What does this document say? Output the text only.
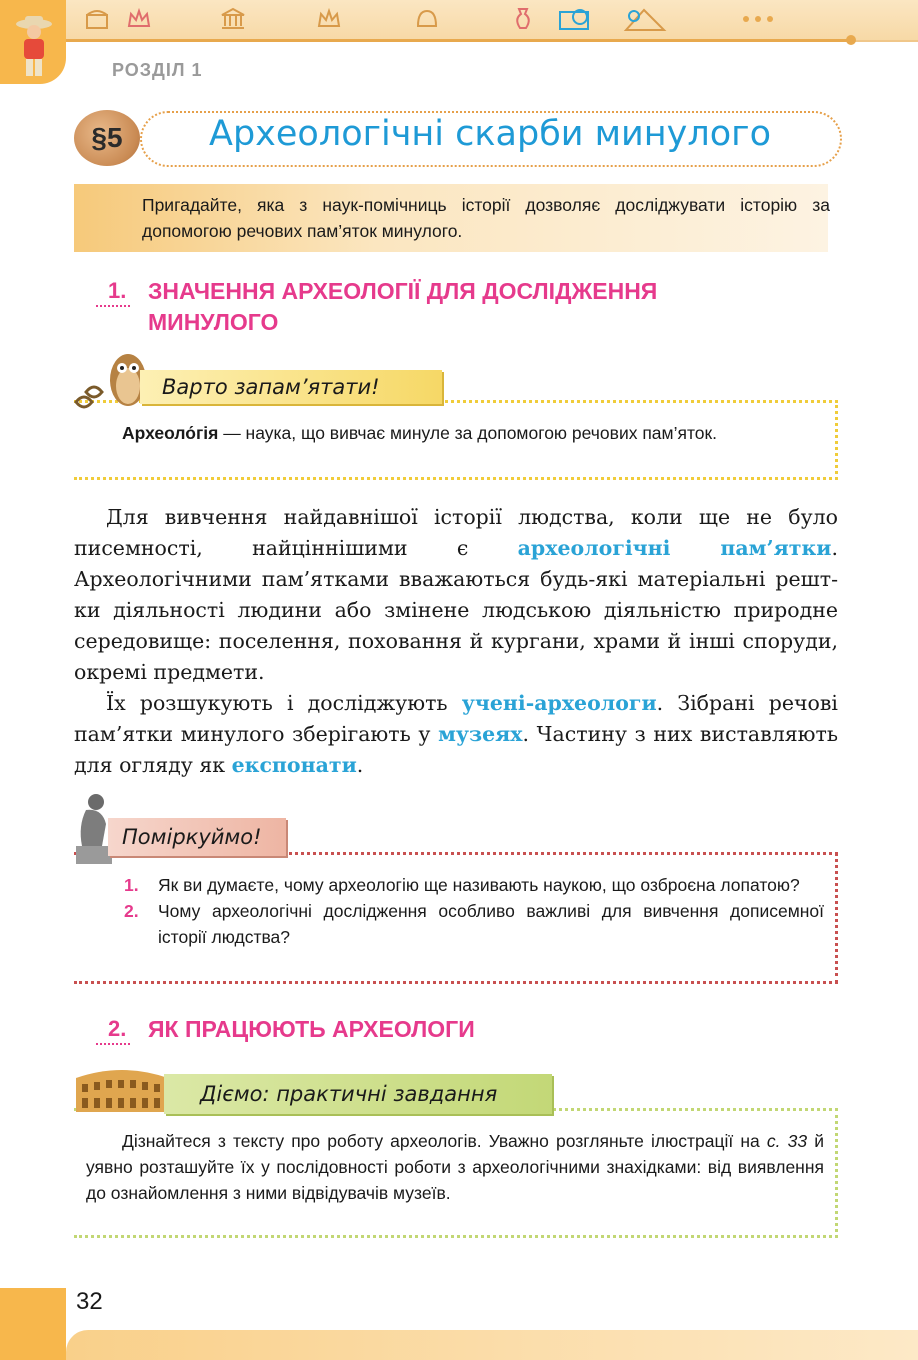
РОЗДІЛ 1
§5	Археологічні скарби минулого
Пригадайте, яка з наук-помічниць історії дозволяє досліджувати історію за допомогою речових пам’яток минулого.
1. ЗНАЧЕННЯ АРХЕОЛОГІЇ ДЛЯ ДОСЛІДЖЕННЯ
МИНУЛОГО
Варто запам’ятати!
Археоло́гія — наука, що вивчає минуле за допомогою речових пам’яток.

Для вивчення найдавнішої історії людства, коли ще не було писемності, найціннішими є археологічні пам’ятки. Археологічними пам’ятками вважаються будь-які матеріальні рештки діяльності людини або змінене людською діяльністю природне середовище: поселення, поховання й кургани, храми й інші споруди, окремі предмети.

Їх розшукують і досліджують учені-археологи. Зібрані речові пам’ятки минулого зберігають у музеях. Частину з них виставляють для огляду як експонати.

Поміркуймо!
1. Як ви думаєте, чому археологію ще називають наукою, що озброєна лопатою?
2. Чому археологічні дослідження особливо важливі для вивчення дописемної історії людства?
2. ЯК ПРАЦЮЮТЬ АРХЕОЛОГИ
Діємо: практичні завдання

Дізнайтеся з тексту про роботу археологів. Уважно розгляньте ілюстрації на с. 33 й уявно розташуйте їх у послідовності роботи з археологічними знахідками: від виявлення до ознайомлення з ними відвідувачів музеїв.

32
